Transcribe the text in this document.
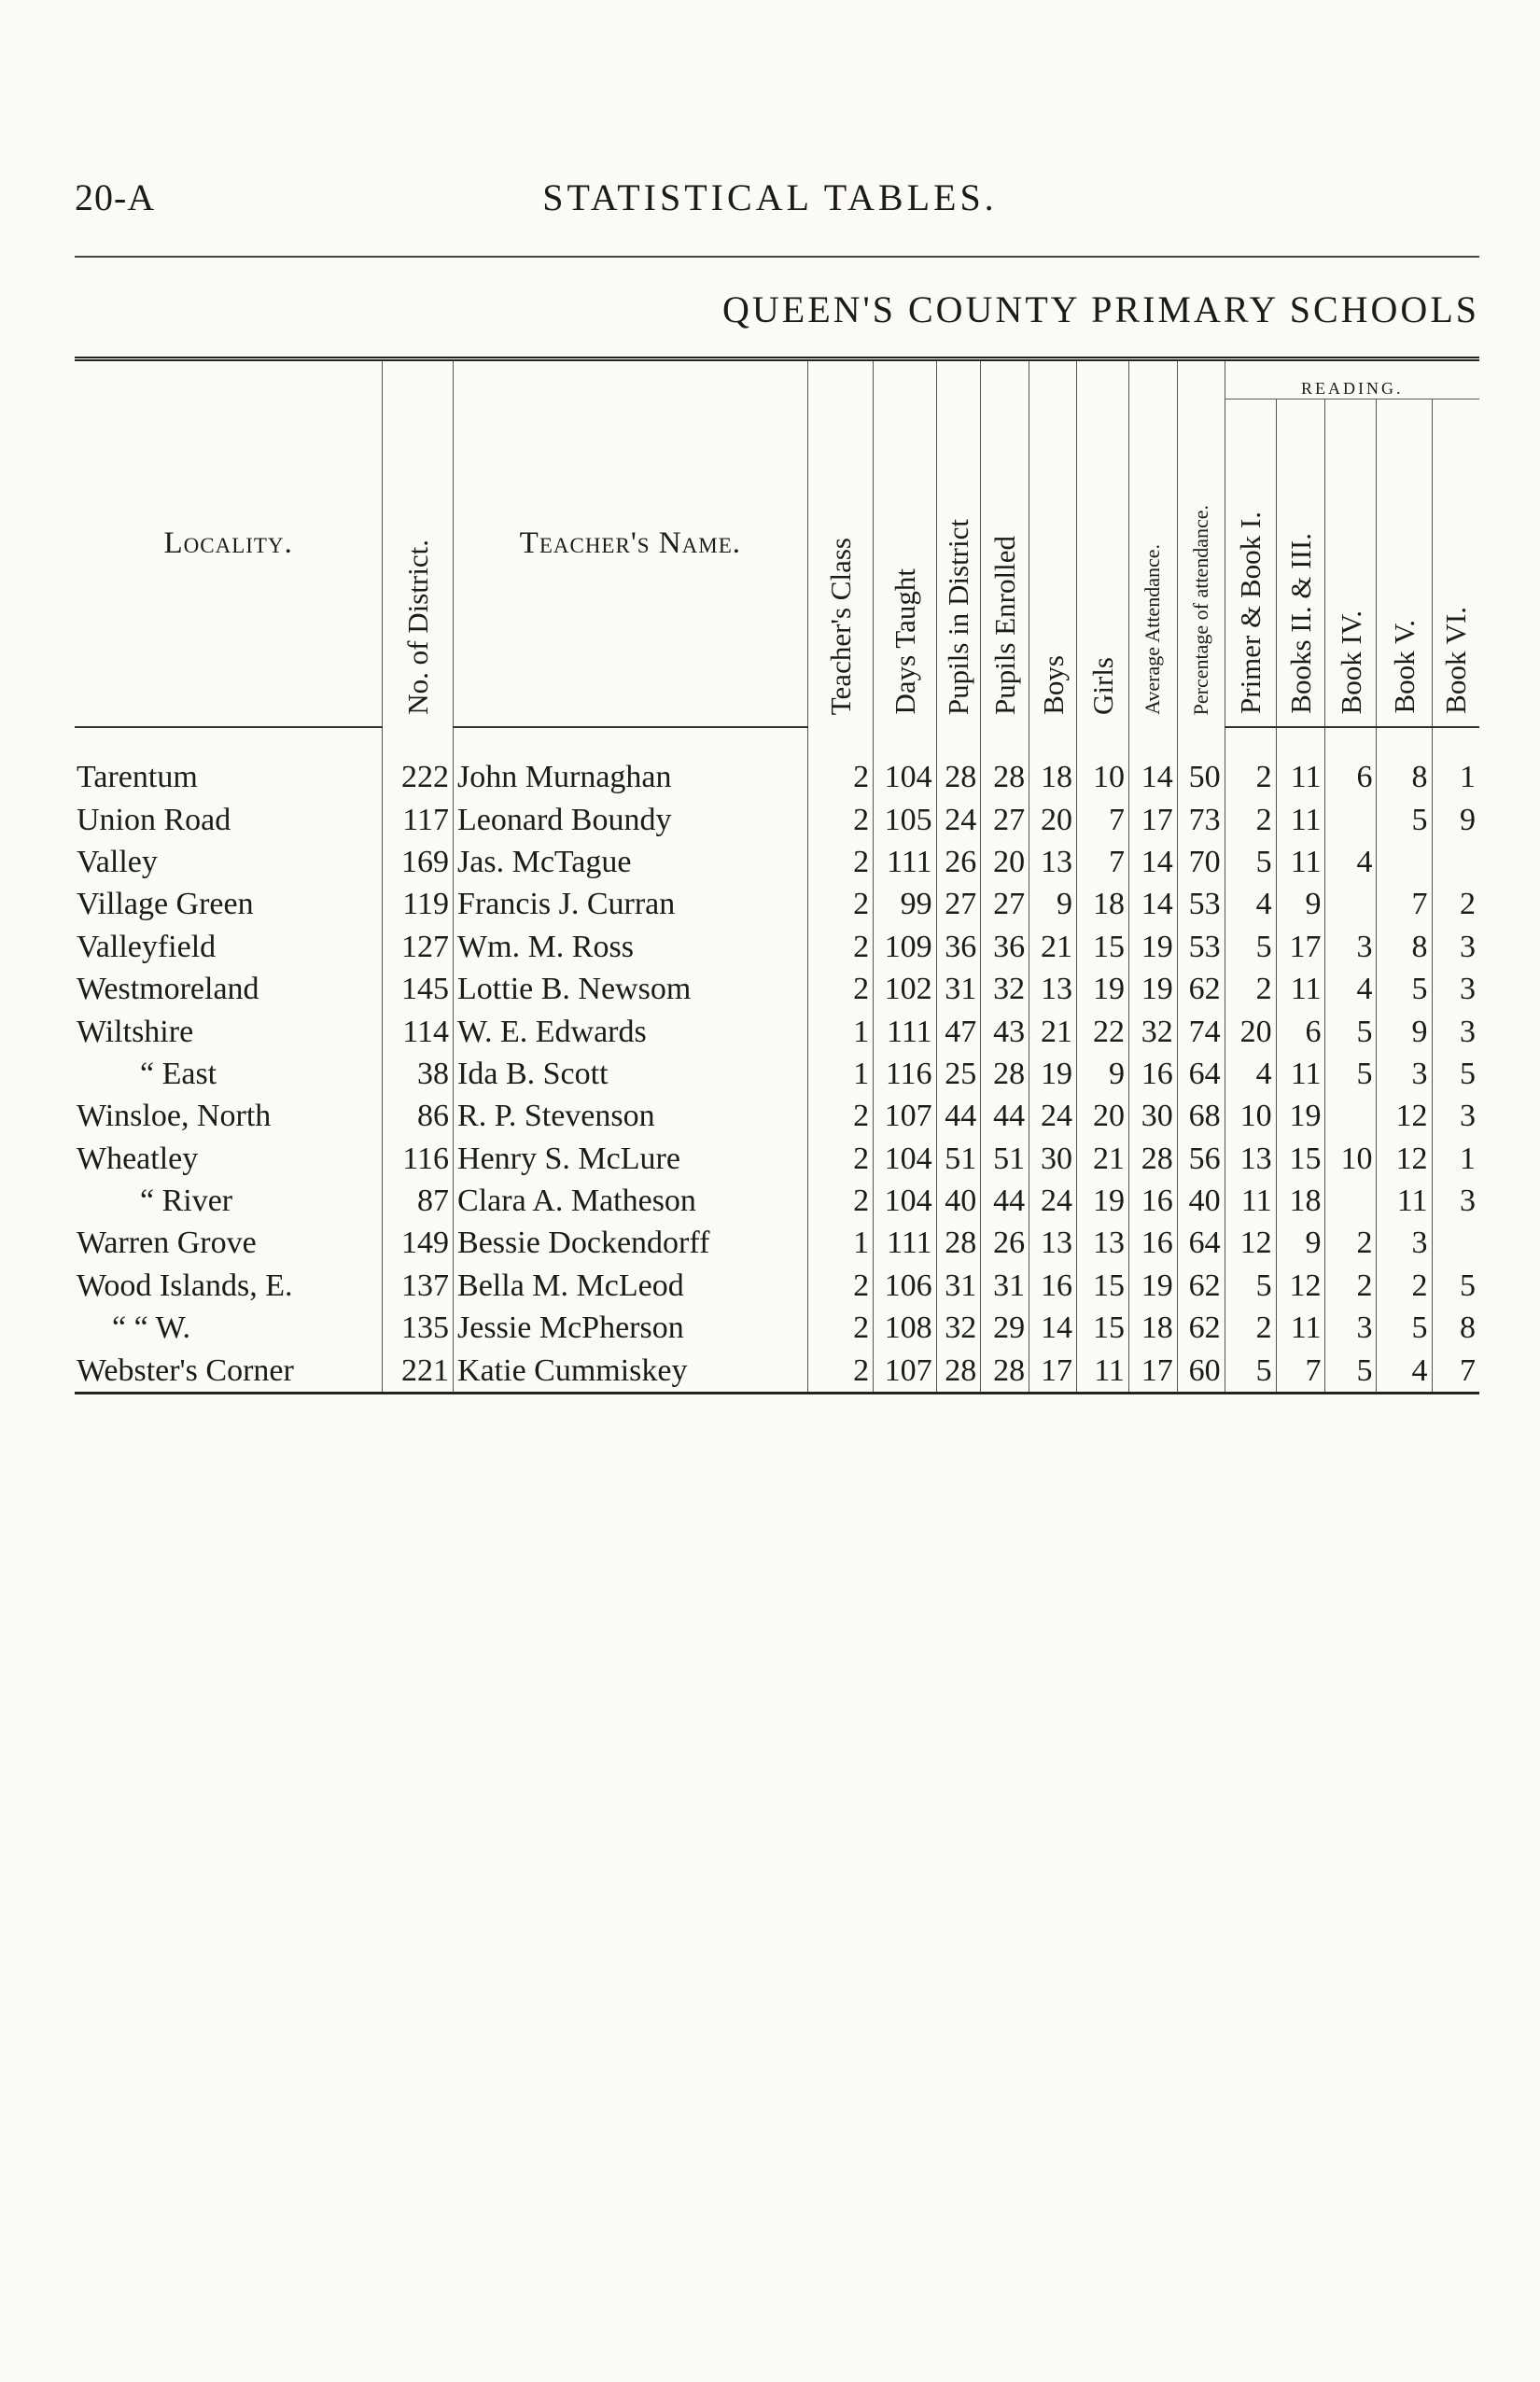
20-A	STATISTICAL TABLES.
QUEEN'S COUNTY PRIMARY SCHOOLS
Locality.	No. of District.	Teacher's Name.	Teacher's Class	Days Taught	Pupils in District	Pupils Enrolled	Boys	Girls	Average Attendance.	Percentage of attendance.	READING.				
											Primer & Book I.	Books II. & III.	Book IV.	Book V.	Book VI.
Tarentum	222	John Murnaghan	2	104	28	28	18	10	14	50	2	11	6	8	1
Union Road	117	Leonard Boundy	2	105	24	27	20	7	17	73	2	11		5	9
Valley	169	Jas. McTague	2	111	26	20	13	7	14	70	5	11	4		
Village Green	119	Francis J. Curran	2	99	27	27	9	18	14	53	4	9		7	2
Valleyfield	127	Wm. M. Ross	2	109	36	36	21	15	19	53	5	17	3	8	3
Westmoreland	145	Lottie B. Newsom	2	102	31	32	13	19	19	62	2	11	4	5	3
Wiltshire	114	W. E. Edwards	1	111	47	43	21	22	32	74	20	6	5	9	3
“ East	38	Ida B. Scott	1	116	25	28	19	9	16	64	4	11	5	3	5
Winsloe, North	86	R. P. Stevenson	2	107	44	44	24	20	30	68	10	19		12	3
Wheatley	116	Henry S. McLure	2	104	51	51	30	21	28	56	13	15	10	12	1
“ River	87	Clara A. Matheson	2	104	40	44	24	19	16	40	11	18		11	3
Warren Grove	149	Bessie Dockendorff	1	111	28	26	13	13	16	64	12	9	2	3	
Wood Islands, E.	137	Bella M. McLeod	2	106	31	31	16	15	19	62	5	12	2	2	5
“ “ W.	135	Jessie McPherson	2	108	32	29	14	15	18	62	2	11	3	5	8
Webster's Corner	221	Katie Cummiskey	2	107	28	28	17	11	17	60	5	7	5	4	7
